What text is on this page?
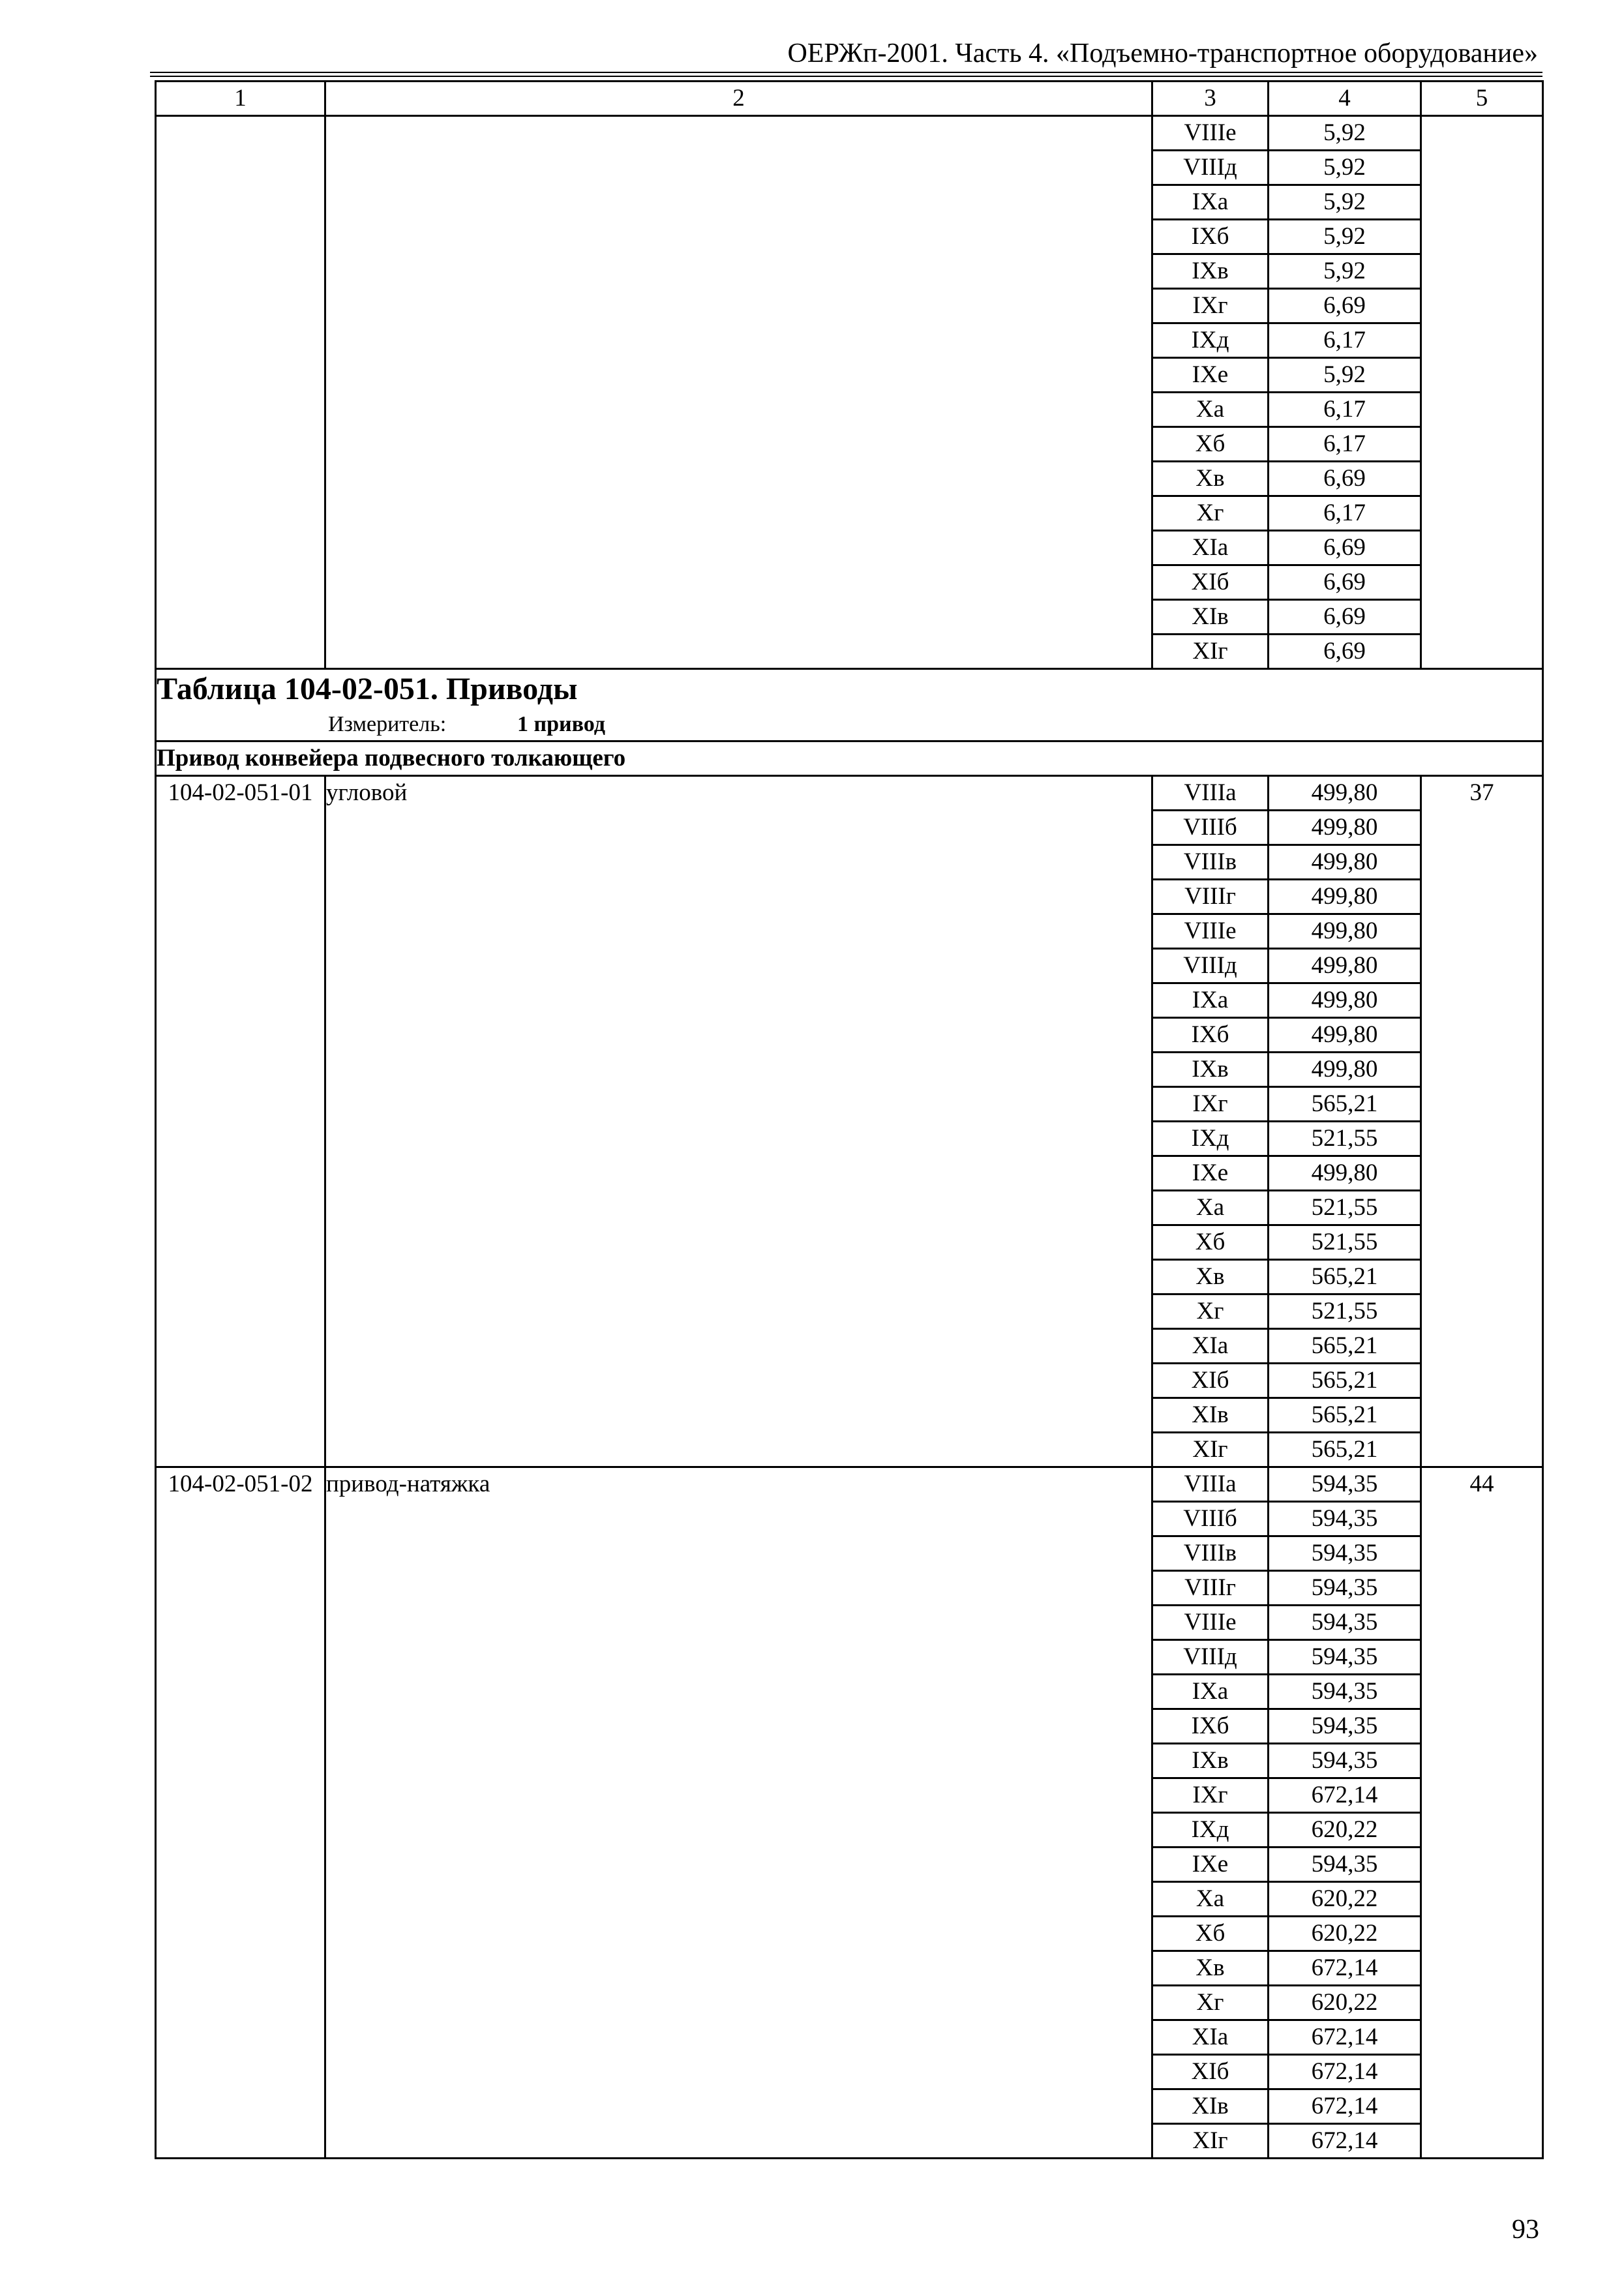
ОЕРЖп-2001. Часть 4. «Подъемно-транспортное оборудование»
1	2	3	4	5
		VIIIe	5,92	
		VIIIд	5,92	
		IXa	5,92	
		IXб	5,92	
		IXв	5,92	
		IXг	6,69	
		IXд	6,17	
		IXe	5,92	
		Xa	6,17	
		Xб	6,17	
		Xв	6,69	
		Xг	6,17	
		XIa	6,69	
		XIб	6,69	
		XIв	6,69	
		XIг	6,69	

Таблица 104-02-051. Приводы
Измеритель: 1 привод				

Привод конвейера подвесного толкающего				
104-02-051-01	угловой	VIIIa	499,80	37
		VIIIб	499,80	
		VIIIв	499,80	
		VIIIг	499,80	
		VIIIe	499,80	
		VIIIд	499,80	
		IXa	499,80	
		IXб	499,80	
		IXв	499,80	
		IXг	565,21	
		IXд	521,55	
		IXe	499,80	
		Xa	521,55	
		Xб	521,55	
		Xв	565,21	
		Xг	521,55	
		XIa	565,21	
		XIб	565,21	
		XIв	565,21	
		XIг	565,21	
104-02-051-02	привод-натяжка	VIIIa	594,35	44
		VIIIб	594,35	
		VIIIв	594,35	
		VIIIг	594,35	
		VIIIe	594,35	
		VIIIд	594,35	
		IXa	594,35	
		IXб	594,35	
		IXв	594,35	
		IXг	672,14	
		IXд	620,22	
		IXe	594,35	
		Xa	620,22	
		Xб	620,22	
		Xв	672,14	
		Xг	620,22	
		XIa	672,14	
		XIб	672,14	
		XIв	672,14	
		XIг	672,14	
93
